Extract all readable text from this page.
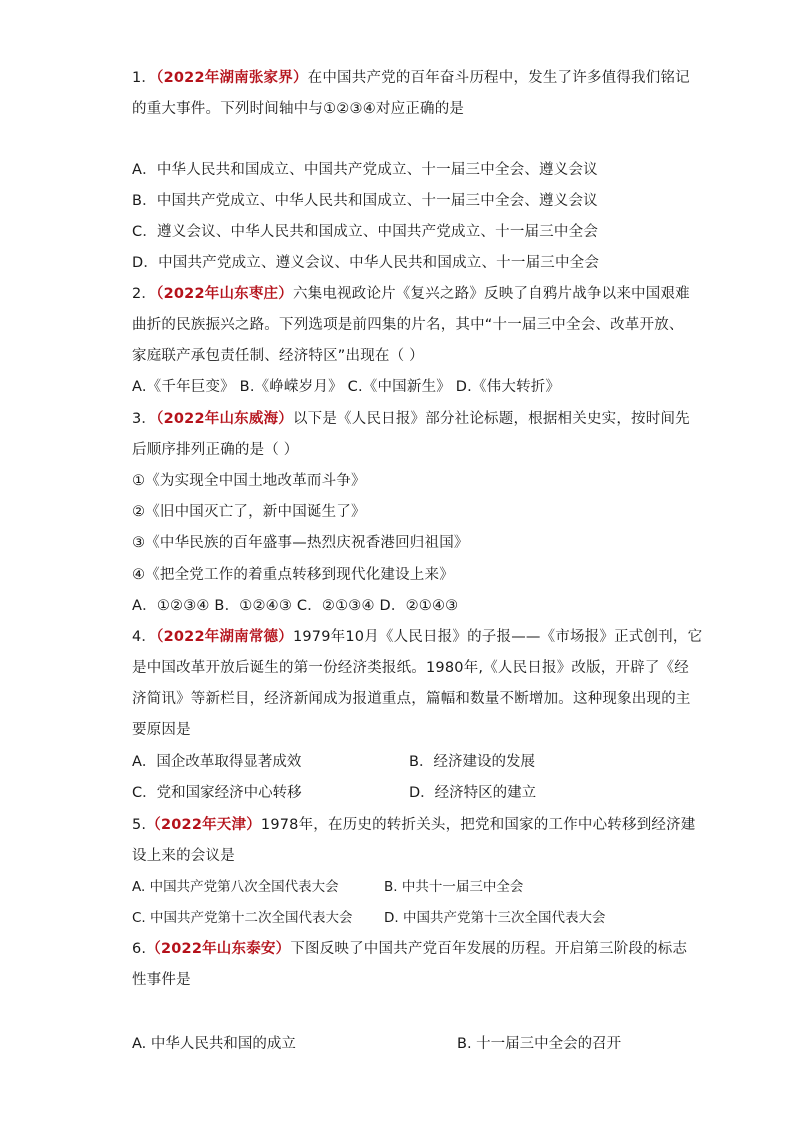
1．（2022年湖南张家界）在中国共产党的百年奋斗历程中，发生了许多值得我们铭记
的重大事件。下列时间轴中与①②③④对应正确的是
A．中华人民共和国成立、中国共产党成立、十一届三中全会、遵义会议
B．中国共产党成立、中华人民共和国成立、十一届三中全会、遵义会议
C．遵义会议、中华人民共和国成立、中国共产党成立、十一届三中全会
D．中国共产党成立、遵义会议、中华人民共和国成立、十一届三中全会
2．（2022年山东枣庄）六集电视政论片《复兴之路》反映了自鸦片战争以来中国艰难
曲折的民族振兴之路。下列选项是前四集的片名，其中“十一届三中全会、改革开放、
家庭联产承包责任制、经济特区”出现在（ ）
A.《千年巨变》 B.《峥嵘岁月》 C.《中国新生》 D.《伟大转折》
3．（2022年山东威海）以下是《人民日报》部分社论标题，根据相关史实，按时间先
后顺序排列正确的是（ ）
①《为实现全中国土地改革而斗争》
②《旧中国灭亡了，新中国诞生了》
③《中华民族的百年盛事—热烈庆祝香港回归祖国》
④《把全党工作的着重点转移到现代化建设上来》
A．①②③④ B．①②④③ C．②①③④ D．②①④③
4．（2022年湖南常德）1979年10月《人民日报》的子报——《市场报》正式创刊，它
是中国改革开放后诞生的第一份经济类报纸。1980年,《人民日报》改版，开辟了《经
济简讯》等新栏目，经济新闻成为报道重点，篇幅和数量不断增加。这种现象出现的主
要原因是
A．国企改革取得显著成效	B．经济建设的发展
C．党和国家经济中心转移	D．经济特区的建立
5.（2022年天津）1978年，在历史的转折关头，把党和国家的工作中心转移到经济建
设上来的会议是
A. 中国共产党第八次全国代表大会	B. 中共十一届三中全会
C. 中国共产党第十二次全国代表大会 D. 中国共产党第十三次全国代表大会
6.（2022年山东泰安）下图反映了中国共产党百年发展的历程。开启第三阶段的标志
性事件是
A. 中华人民共和国的成立	B. 十一届三中全会的召开
